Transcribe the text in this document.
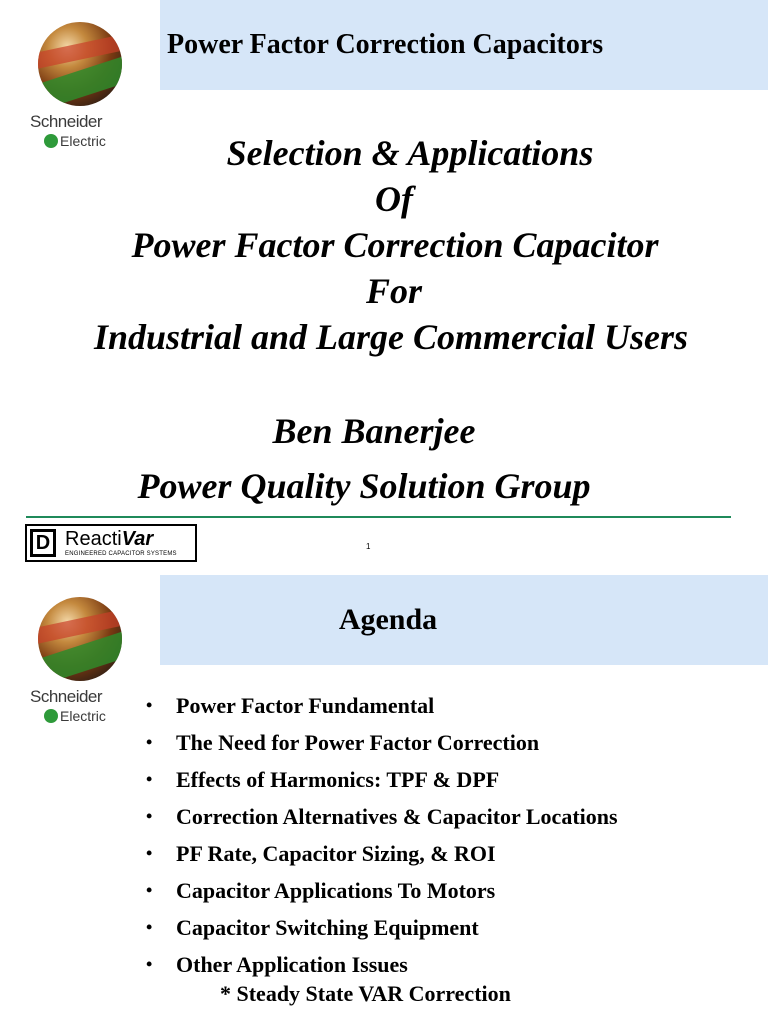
Power Factor Correction Capacitors
Schneider
Electric	Selection & Applications
Of
Power Factor Correction Capacitor
For
Industrial and Large Commercial Users
Ben Banerjee
Power Quality Solution Group
D ReactiVar
ENGINEERED CAPACITOR SYSTEMS
1
Agenda
Schneider
Electric
• Power Factor Fundamental
• The Need for Power Factor Correction
• Effects of Harmonics: TPF & DPF
• Correction Alternatives & Capacitor Locations
• PF Rate, Capacitor Sizing, & ROI
• Capacitor Applications To Motors
• Capacitor Switching Equipment
• Other Application Issues
* Steady State VAR Correction
